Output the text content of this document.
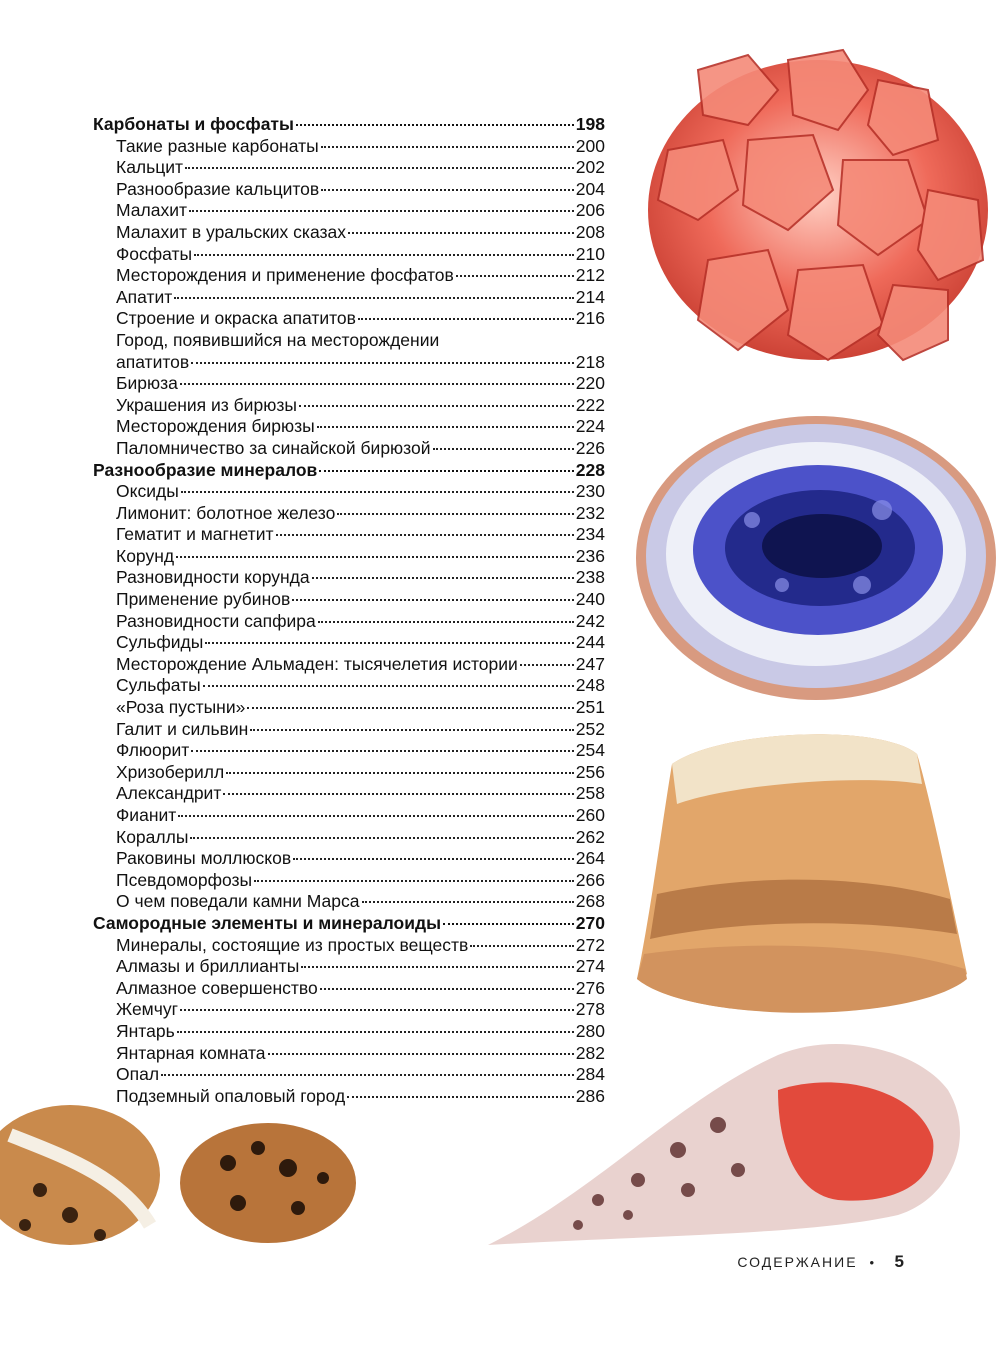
Карбонаты и фосфаты	198
Такие разные карбонаты	200
Кальцит	202
Разнообразие кальцитов	204
Малахит	206
Малахит в уральских сказах	208
Фосфаты	210
Месторождения и применение фосфатов	212
Апатит	214
Строение и окраска апатитов	216
Город, появившийся на месторождении
апатитов	218
Бирюза	220
Украшения из бирюзы	222
Месторождения бирюзы	224
Паломничество за синайской бирюзой	226
Разнообразие минералов	228
Оксиды	230
Лимонит: болотное железо	232
Гематит и магнетит	234
Корунд	236
Разновидности корунда	238
Применение рубинов	240
Разновидности сапфира	242
Сульфиды	244
Месторождение Альмаден: тысячелетия истории	247
Сульфаты	248
«Роза пустыни»	251
Галит и сильвин	252
Флюорит	254
Хризоберилл	256
Александрит	258
Фианит	260
Кораллы	262
Раковины моллюсков	264
Псевдоморфозы	266
О чем поведали камни Марса	268
Самородные элементы и минералоиды	270
Минералы, состоящие из простых веществ	272
Алмазы и бриллианты	274
Алмазное совершенство	276
Жемчуг	278
Янтарь	280
Янтарная комната	282
Опал	284
Подземный опаловый город	286
СОДЕРЖАНИЕ • 5
